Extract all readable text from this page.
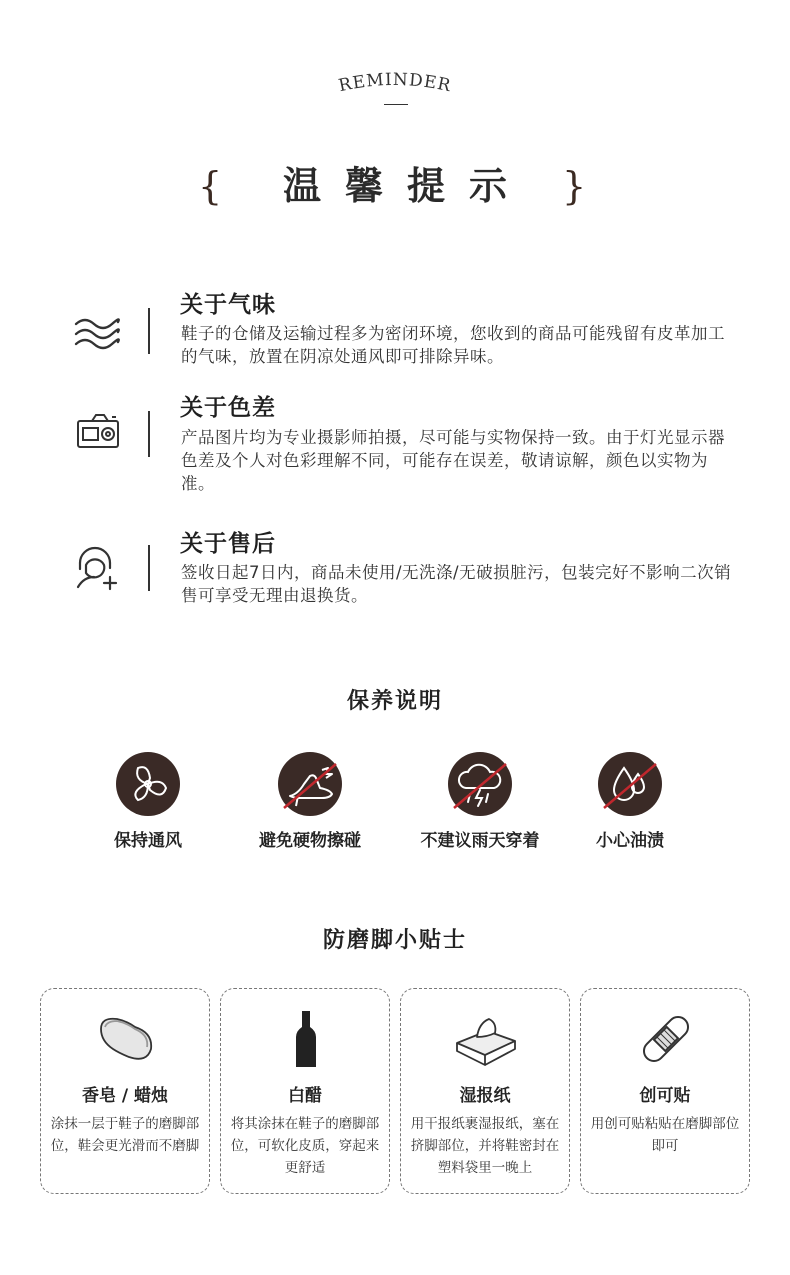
REMINDER
{	温馨提示 }
关于气味

鞋子的仓储及运输过程多为密闭环境，您收到的商品可能残留有皮革加工的气味，放置在阴凉处通风即可排除异味。

关于色差

产品图片均为专业摄影师拍摄，尽可能与实物保持一致。由于灯光显示器色差及个人对色彩理解不同，可能存在误差，敬请谅解，颜色以实物为准。

关于售后

签收日起7日内，商品未使用/无洗涤/无破损脏污，包装完好不影响二次销售可享受无理由退换货。

保养说明
保持通风	避免硬物擦碰	不建议雨天穿着	小心油渍
防磨脚小贴士
香皂 / 蜡烛
涂抹一层于鞋子的磨脚部位，鞋会更光滑而不磨脚
白醋
将其涂抹在鞋子的磨脚部位，可软化皮质，穿起来更舒适
湿报纸
用干报纸裹湿报纸，塞在挤脚部位，并将鞋密封在塑料袋里一晚上
创可贴
用创可贴粘贴在磨脚部位即可
